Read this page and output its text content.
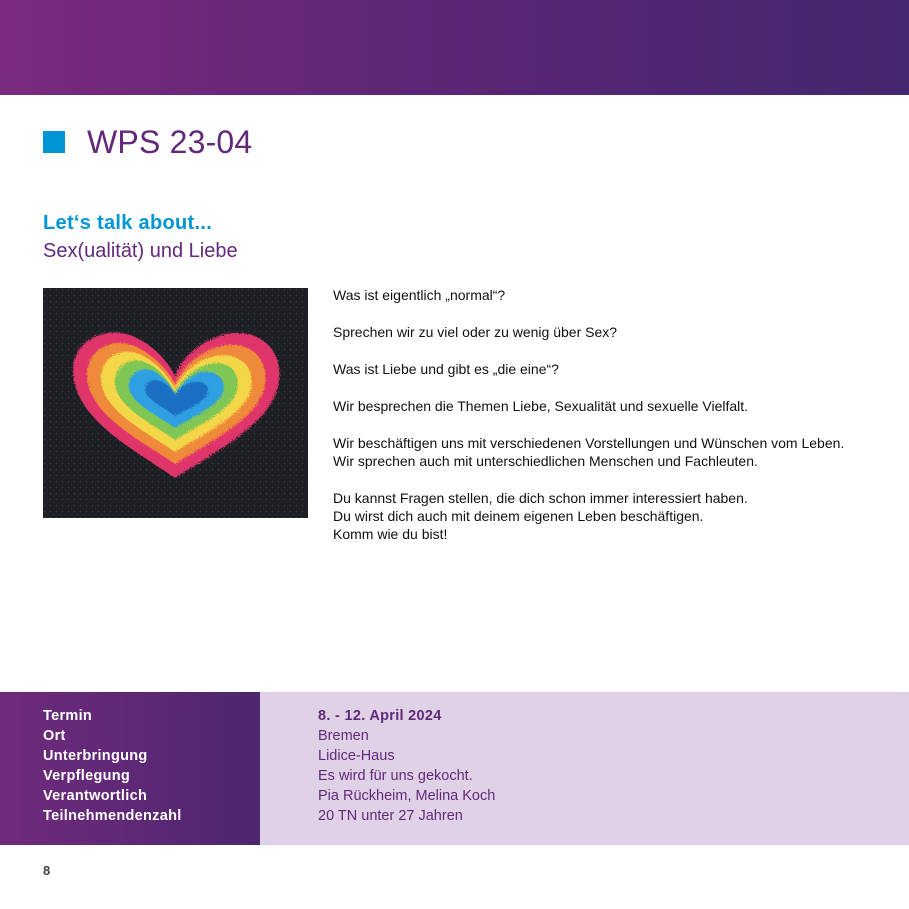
WPS 23-04
Let‘s talk about...
Sex(ualität) und Liebe

Was ist eigentlich „normal“?

Sprechen wir zu viel oder zu wenig über Sex?

Was ist Liebe und gibt es „die eine“?

Wir besprechen die Themen Liebe, Sexualität und sexuelle Vielfalt.

Wir beschäftigen uns mit verschiedenen Vorstellungen und Wünschen vom Leben.

Wir sprechen auch mit unterschiedlichen Menschen und Fachleuten.

Du kannst Fragen stellen, die dich schon immer interessiert haben.

Du wirst dich auch mit deinem eigenen Leben beschäftigen.

Komm wie du bist!

Termin
Ort
Unterbringung
Verpflegung
Verantwortlich
Teilnehmendenzahl
8. - 12. April 2024
Bremen
Lidice-Haus
Es wird für uns gekocht.
Pia Rückheim, Melina Koch
20 TN unter 27 Jahren
8
